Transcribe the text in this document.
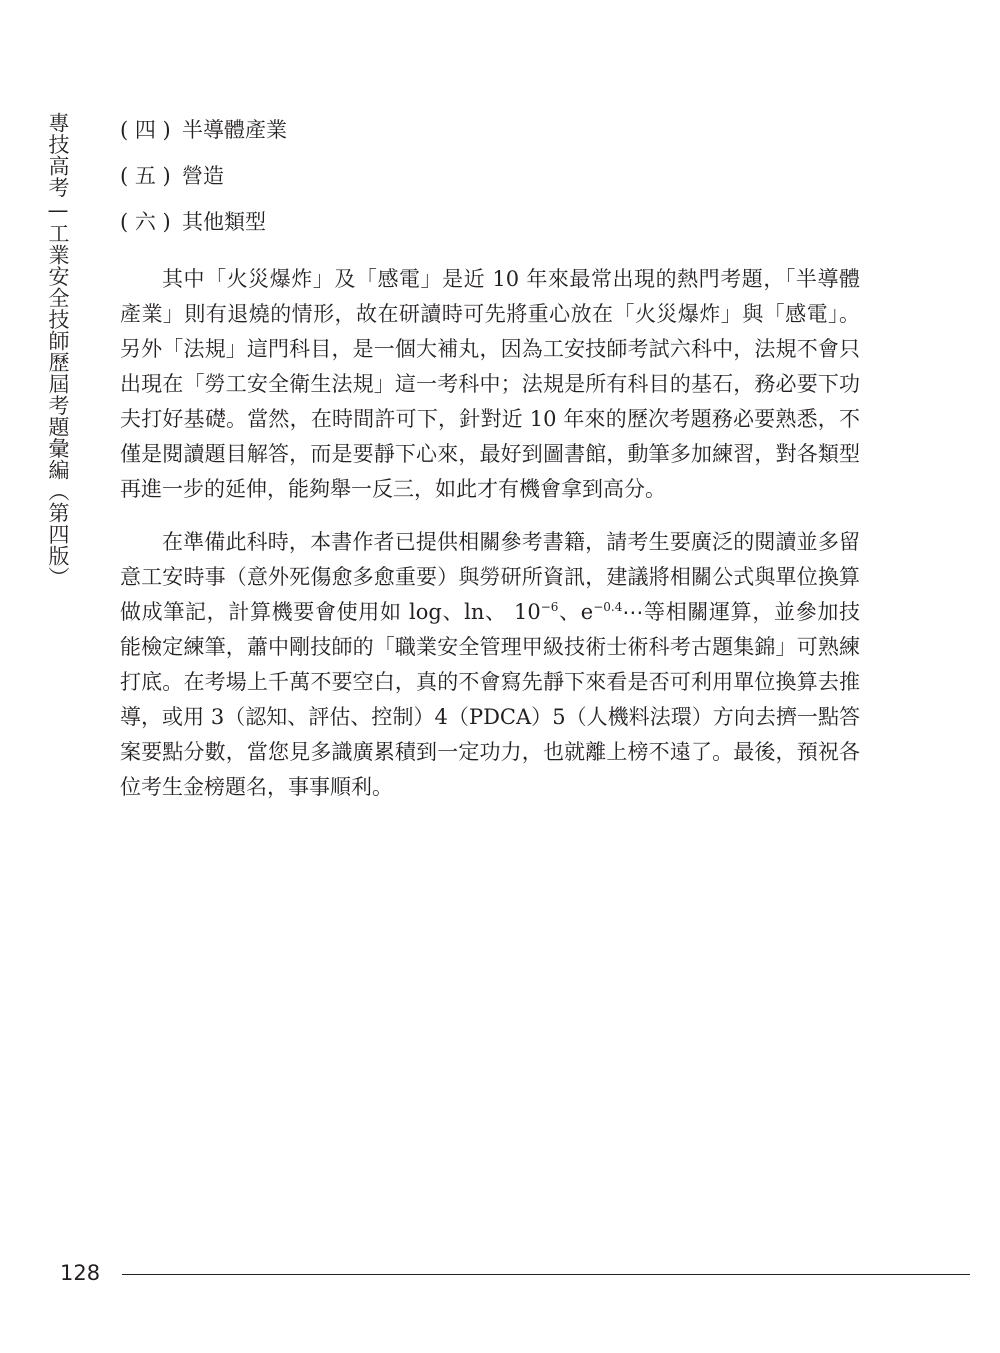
專技高考—工業安全技師歷屆考題彙編（第四版） ( 四 ) 半導體產業
( 五 ) 營造
( 六 ) 其他類型

其中「火災爆炸」及「感電」是近 10 年來最常出現的熱門考題，「半導體產業」則有退燒的情形，故在研讀時可先將重心放在「火災爆炸」與「感電」。另外「法規」這門科目，是一個大補丸，因為工安技師考試六科中，法規不會只出現在「勞工安全衛生法規」這一考科中；法規是所有科目的基石，務必要下功夫打好基礎。當然，在時間許可下，針對近 10 年來的歷次考題務必要熟悉，不僅是閱讀題目解答，而是要靜下心來，最好到圖書館，動筆多加練習，對各類型再進一步的延伸，能夠舉一反三，如此才有機會拿到高分。

在準備此科時，本書作者已提供相關參考書籍，請考生要廣泛的閱讀並多留意工安時事（意外死傷愈多愈重要）與勞研所資訊，建議將相關公式與單位換算做成筆記，計算機要會使用如 log、ln、 $10^{-6}$、$e^{-0.4}\cdots$等相關運算，並參加技能檢定練筆，蕭中剛技師的「職業安全管理甲級技術士術科考古題集錦」可熟練打底。在考場上千萬不要空白，真的不會寫先靜下來看是否可利用單位換算去推導，或用 3（認知、評估、控制）4（PDCA）5（人機料法環）方向去擠一點答案要點分數，當您見多識廣累積到一定功力，也就離上榜不遠了。最後，預祝各位考生金榜題名，事事順利。

128
